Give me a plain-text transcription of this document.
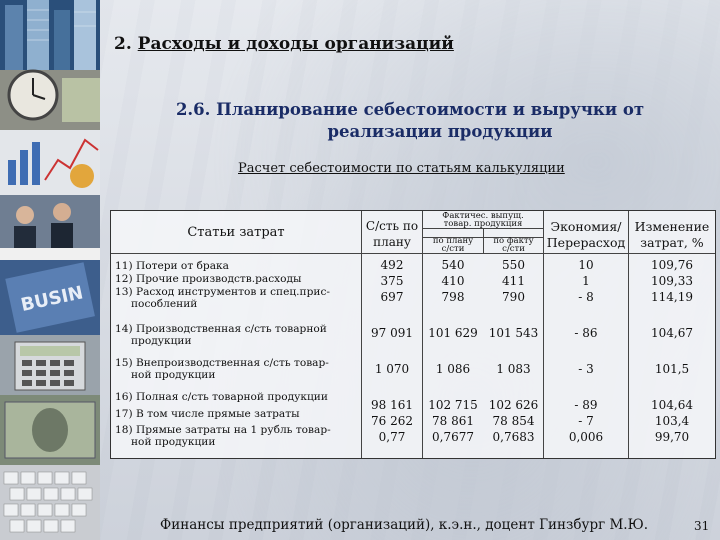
BUSIN
2. Расходы и доходы организаций
2.6. Планирование себестоимости и выручки от
реализации продукции
Расчет себестоимости по статьям калькуляции
Статьи затрат	С/сть по
плану
Фактичес. выпущ.
товар. продукция
по плану
с/сти
по факту
с/сти
Экономия/
Перерасход
Изменение
затрат, %
11) Потери от брака
12) Прочие производств.расходы
13) Расход инструментов и спец.прис-
пособлений
14) Производственная с/сть товарной
продукции
15) Внепроизводственная с/сть товар-
ной продукции
16) Полная с/сть товарной продукции
17) В том числе прямые затраты
18) Прямые затраты на 1 рубль товар-
ной продукции
492
375
697
97 091
1 070
98 161
76 262
0,77
540
410
798
101 629
1 086
102 715
78 861
0,7677
550
411
790
101 543
1 083
102 626
78 854
0,7683
10
1
- 8
- 86
- 3
- 89
- 7
0,006
109,76
109,33
114,19
104,67
101,5
104,64
103,4
99,70
Финансы предприятий (организаций), к.э.н., доцент Гинзбург М.Ю.	31
